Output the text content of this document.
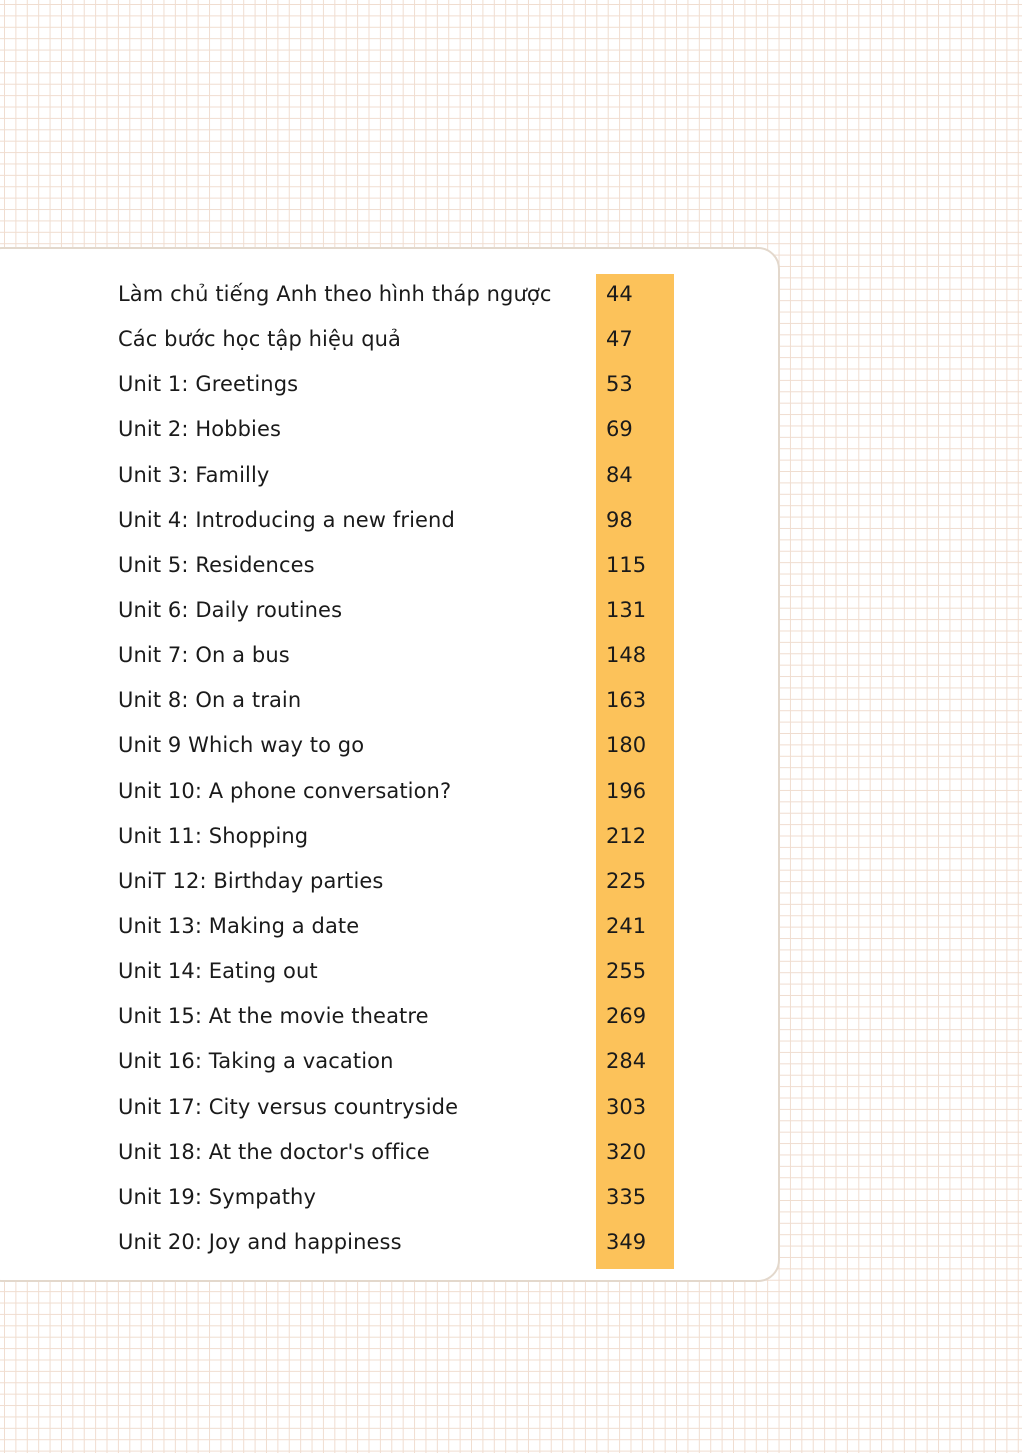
Làm chủ tiếng Anh theo hình tháp ngược	44
Các bước học tập hiệu quả	47
Unit 1: Greetings	53
Unit 2: Hobbies	69
Unit 3: Familly	84
Unit 4: Introducing a new friend	98
Unit 5: Residences	115
Unit 6: Daily routines	131
Unit 7: On a bus	148
Unit 8: On a train	163
Unit 9 Which way to go	180
Unit 10: A phone conversation?	196
Unit 11: Shopping	212
UniT 12: Birthday parties	225
Unit 13: Making a date	241
Unit 14: Eating out	255
Unit 15: At the movie theatre	269
Unit 16: Taking a vacation	284
Unit 17: City versus countryside	303
Unit 18: At the doctor's office	320
Unit 19: Sympathy	335
Unit 20: Joy and happiness	349
